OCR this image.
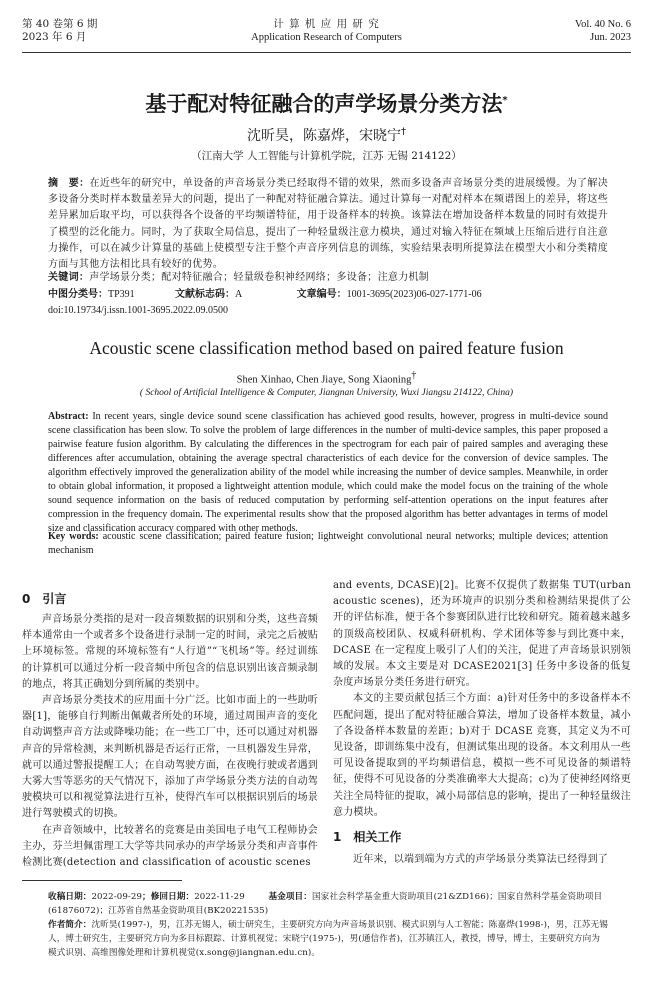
第 40 卷第 6 期
2023 年 6 月
计 算 机 应 用 研 究
Application Research of Computers
Vol. 40 No. 6
Jun. 2023
基于配对特征融合的声学场景分类方法*
沈昕昊，陈嘉烨，宋晓宁†
（江南大学 人工智能与计算机学院，江苏 无锡 214122）
摘　要：在近些年的研究中，单设备的声音场景分类已经取得不错的效果，然而多设备声音场景分类的进展缓慢。为了解决多设备分类时样本数量差异大的问题，提出了一种配对特征融合算法。通过计算每一对配对样本在频谱图上的差异，将这些差异累加后取平均，可以获得各个设备的平均频谱特征，用于设备样本的转换。该算法在增加设备样本数量的同时有效提升了模型的泛化能力。同时，为了获取全局信息，提出了一种轻量级注意力模块，通过对输入特征在频域上压缩后进行自注意力操作，可以在减少计算量的基础上使模型专注于整个声音序列信息的训练，实验结果表明所提算法在模型大小和分类精度方面与其他方法相比具有较好的优势。
关键词：声学场景分类；配对特征融合；轻量级卷积神经网络；多设备；注意力机制
中图分类号：TP391	文献标志码：A	文章编号：1001-3695(2023)06-027-1771-06
doi:10.19734/j.issn.1001-3695.2022.09.0500
Acoustic scene classification method based on paired feature fusion
Shen Xinhao, Chen Jiaye, Song Xiaoning†
( School of Artificial Intelligence & Computer, Jiangnan University, Wuxi Jiangsu 214122, China)
Abstract: In recent years, single device sound scene classification has achieved good results, however, progress in multi-device sound scene classification has been slow. To solve the problem of large differences in the number of multi-device samples, this paper proposed a pairwise feature fusion algorithm. By calculating the differences in the spectrogram for each pair of paired samples and averaging these differences after accumulation, obtaining the average spectral characteristics of each device for the conversion of device samples. The algorithm effectively improved the generalization ability of the model while increasing the number of device samples. Meanwhile, in order to obtain global information, it proposed a lightweight attention module, which could make the model focus on the training of the whole sound sequence information on the basis of reduced computation by performing self-attention operations on the input features after compression in the frequency domain. The experimental results show that the proposed algorithm has better advantages in terms of model size and classification accuracy compared with other methods.
Key words: acoustic scene classification; paired feature fusion; lightweight convolutional neural networks; multiple devices; attention mechanism
0　引言

声音场景分类指的是对一段音频数据的识别和分类，这些音频样本通常由一个或者多个设备进行录制一定的时间，录完之后被贴上环境标签。常规的环境标签有“人行道”“飞机场”等。经过训练的计算机可以通过分析一段音频中所包含的信息识别出该音频录制的地点，将其正确划分到所属的类别中。

声音场景分类技术的应用面十分广泛。比如市面上的一些助听器[1]，能够自行判断出佩戴者所处的环境，通过周围声音的变化自动调整声音方法或降噪功能；在一些工厂中，还可以通过对机器声音的异常检测，来判断机器是否运行正常，一旦机器发生异常，就可以通过警报提醒工人；在自动驾驶方面，在夜晚行驶或者遇到大雾大雪等恶劣的天气情况下，添加了声学场景分类方法的自动驾驶模块可以和视觉算法进行互补，使得汽车可以根据识别后的场景进行驾驶模式的切换。

在声音领域中，比较著名的竞赛是由美国电子电气工程师协会主办，芬兰坦佩雷理工大学等共同承办的声学场景分类和声音事件检测比赛(detection and classification of acoustic scenes

and events, DCASE)[2]。比赛不仅提供了数据集 TUT(urban acoustic scenes)，还为环境声的识别分类和检测结果提供了公开的评估标准，便于各个参赛团队进行比较和研究。随着越来越多的顶级高校团队、权威科研机构、学术团体等参与到比赛中来，DCASE 在一定程度上吸引了人们的关注，促进了声音场景识别领域的发展。本文主要是对 DCASE2021[3] 任务中多设备的低复杂度声场景分类任务进行研究。

本文的主要贡献包括三个方面：a)针对任务中的多设备样本不匹配问题，提出了配对特征融合算法，增加了设备样本数量，减小了各设备样本数量的差距；b)对于 DCASE 竞赛，其定义为不可见设备，即训练集中没有，但测试集出现的设备。本文利用从一些可见设备提取到的平均频谱信息，模拟一些不可见设备的频谱特征，使得不可见设备的分类准确率大大提高；c)为了使神经网络更关注全局特征的提取，减小局部信息的影响，提出了一种轻量级注意力模块。

1　相关工作

近年来，以端到端为方式的声学场景分类算法已经得到了

收稿日期：2022-09-29；修回日期：2022-11-29	基金项目：国家社会科学基金重大资助项目(21&ZD166)；国家自然科学基金资助项目(61876072)；江苏省自然基金资助项目(BK20221535)
作者简介：沈昕昊(1997-)，男，江苏无锡人，硕士研究生，主要研究方向为声音场景识别、模式识别与人工智能；陈嘉烨(1998-)，男，江苏无锡人，博士研究生，主要研究方向为多目标跟踪、计算机视觉；宋晓宁(1975-)，男(通信作者)，江苏镇江人，教授，博导，博士，主要研究方向为模式识别、高维图像处理和计算机视觉(x.song@jiangnan.edu.cn)。
